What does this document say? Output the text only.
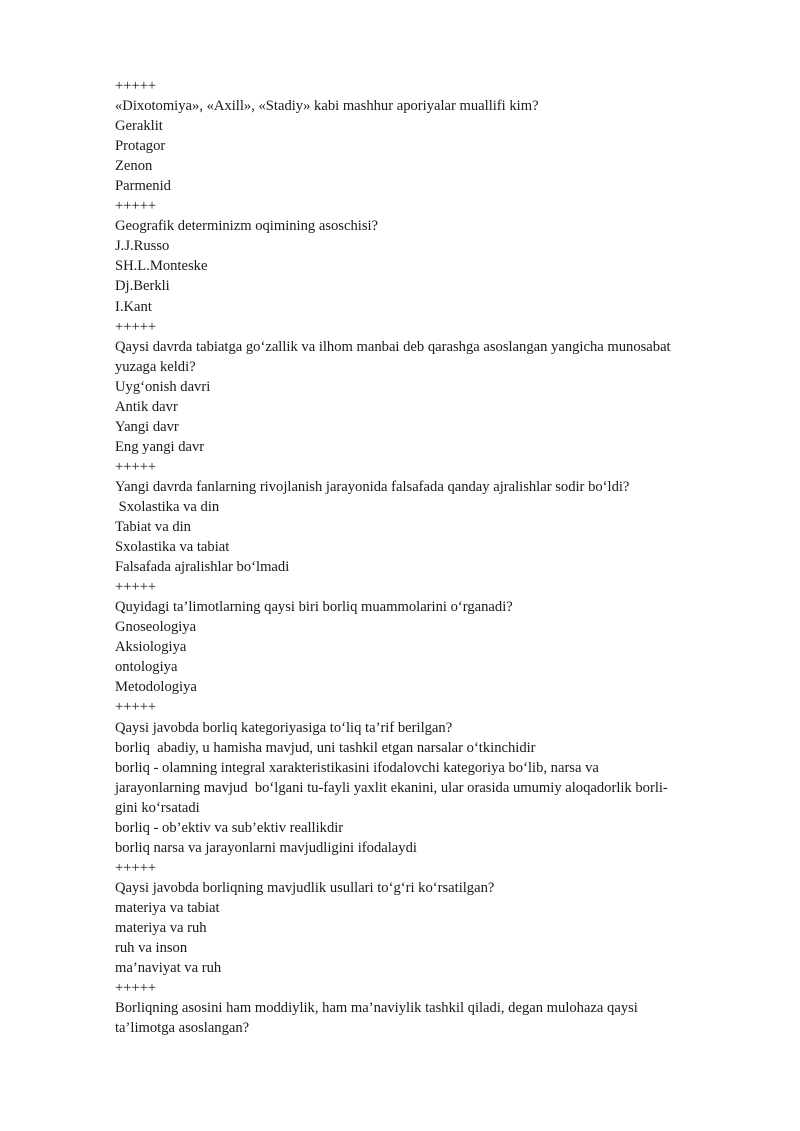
+++++
«Dixotomiya», «Axill», «Stadiy» kabi mashhur aporiyalar muallifi kim?
Geraklit
Protagor
Zenon
Parmenid
+++++
Geografik determinizm oqimining asoschisi?
J.J.Russo
SH.L.Monteske
Dj.Berkli
I.Kant
+++++
Qaysi davrda tabiatga go‘zallik va ilhom manbai deb qarashga asoslangan yangicha munosabat
yuzaga keldi?
Uyg‘onish davri
Antik davr
Yangi davr
Eng yangi davr
+++++
Yangi davrda fanlarning rivojlanish jarayonida falsafada qanday ajralishlar sodir bo‘ldi?
Sxolastika va din
Tabiat va din
Sxolastika va tabiat
Falsafada ajralishlar bo‘lmadi
+++++
Quyidagi ta’limotlarning qaysi biri borliq muammolarini o‘rganadi?
Gnoseologiya
Aksiologiya
ontologiya
Metodologiya
+++++
Qaysi javobda borliq kategoriyasiga to‘liq ta’rif berilgan?
borliq  abadiy, u hamisha mavjud, uni tashkil etgan narsalar o‘tkinchidir
borliq - olamning integral xarakteristikasini ifodalovchi kategoriya bo‘lib, narsa va
jarayonlarning mavjud  bo‘lgani tu-fayli yaxlit ekanini, ular orasida umumiy aloqadorlik borli-
gini ko‘rsatadi
borliq - ob’ektiv va sub’ektiv reallikdir
borliq narsa va jarayonlarni mavjudligini ifodalaydi
+++++
Qaysi javobda borliqning mavjudlik usullari to‘g‘ri ko‘rsatilgan?
materiya va tabiat
materiya va ruh
ruh va inson
ma’naviyat va ruh
+++++
Borliqning asosini ham moddiylik, ham ma’naviylik tashkil qiladi, degan mulohaza qaysi
ta’limotga asoslangan?
